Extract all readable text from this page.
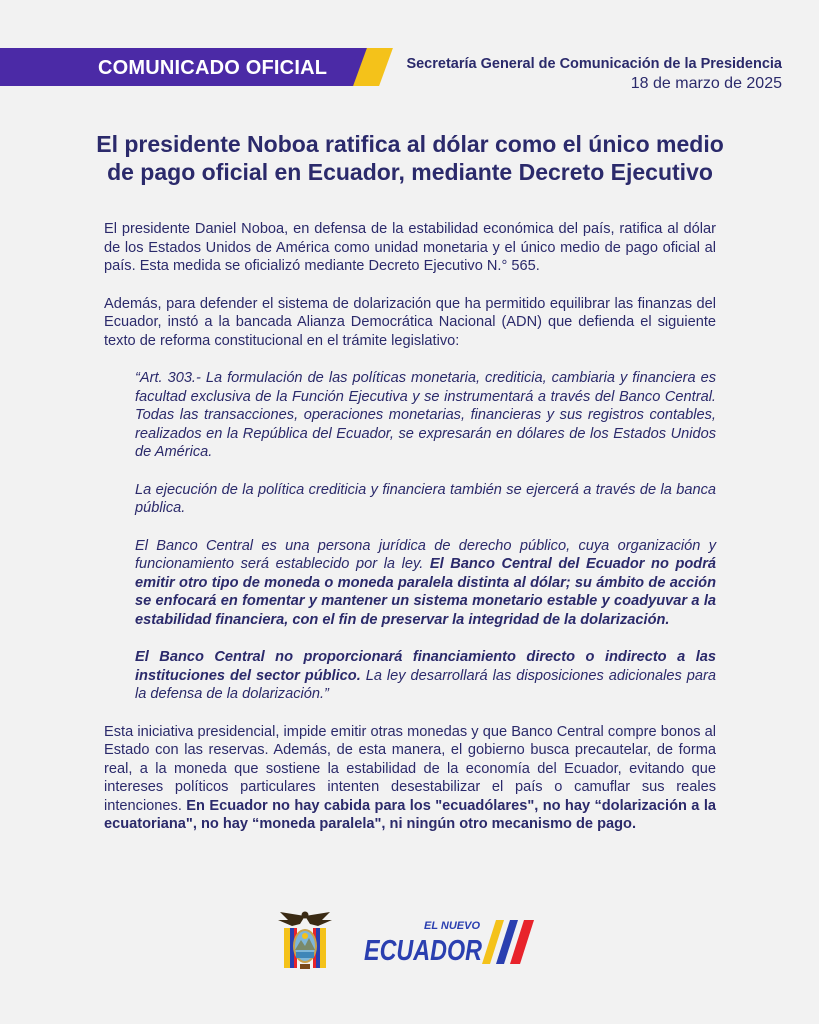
COMUNICADO OFICIAL	Secretaría General de Comunicación de la Presidencia
18 de marzo de 2025
El presidente Noboa ratifica al dólar como el único medio de pago oficial en Ecuador, mediante Decreto Ejecutivo

El presidente Daniel Noboa, en defensa de la estabilidad económica del país, ratifica al dólar de los Estados Unidos de América como unidad monetaria y el único medio de pago oficial al país. Esta medida se oficializó mediante Decreto Ejecutivo N.° 565.

Además, para defender el sistema de dolarización que ha permitido equilibrar las finanzas del Ecuador, instó a la bancada Alianza Democrática Nacional (ADN) que defienda el siguiente texto de reforma constitucional en el trámite legislativo:

“Art. 303.- La formulación de las políticas monetaria, crediticia, cambiaria y financiera es facultad exclusiva de la Función Ejecutiva y se instrumentará a través del Banco Central. Todas las transacciones, operaciones monetarias, financieras y sus registros contables, realizados en la República del Ecuador, se expresarán en dólares de los Estados Unidos de América.

La ejecución de la política crediticia y financiera también se ejercerá a través de la banca pública.

El Banco Central es una persona jurídica de derecho público, cuya organización y funcionamiento será establecido por la ley. El Banco Central del Ecuador no podrá emitir otro tipo de moneda o moneda paralela distinta al dólar; su ámbito de acción se enfocará en fomentar y mantener un sistema monetario estable y coadyuvar a la estabilidad financiera, con el fin de preservar la integridad de la dolarización.

El Banco Central no proporcionará financiamiento directo o indirecto a las instituciones del sector público. La ley desarrollará las disposiciones adicionales para la defensa de la dolarización.”

Esta iniciativa presidencial, impide emitir otras monedas y que Banco Central compre bonos al Estado con las reservas. Además, de esta manera, el gobierno busca precautelar, de forma real, a la moneda que sostiene la estabilidad de la economía del Ecuador, evitando que intereses políticos particulares intenten desestabilizar el país o camuflar sus reales intenciones. En Ecuador no hay cabida para los "ecuadólares", no hay “dolarización a la ecuatoriana", no hay “moneda paralela", ni ningún otro mecanismo de pago.

EL NUEVO
ECUADOR
